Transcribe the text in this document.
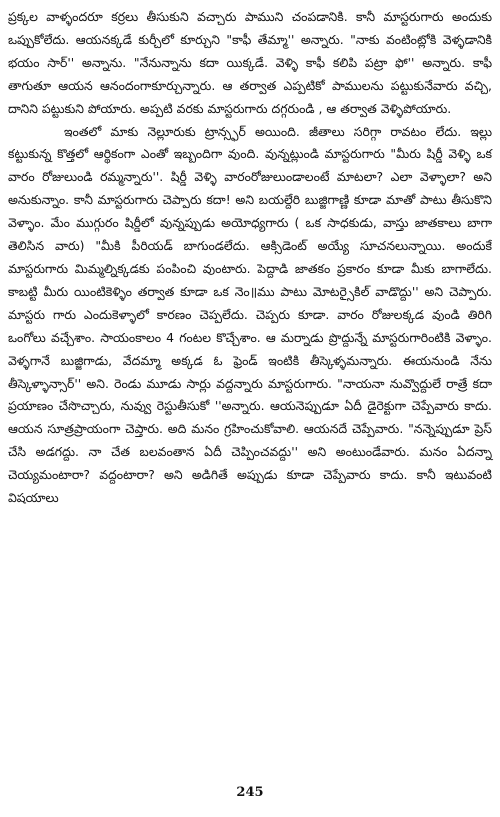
ప్రక్కల వాళ్ళందరూ కర్రలు తీసుకుని వచ్చారు పాముని చంపడానికి. కానీ మాస్టరుగారు అందుకు ఒప్పుకోలేదు. ఆయనక్కడే కుర్చీలో కూర్చుని "కాఫీ తేమ్మా'' అన్నారు. "నాకు వంటింట్లోకి వెళ్ళడానికి భయం సార్'' అన్నాను. "నేనున్నాను కదా యిక్కడే. వెళ్ళి కాఫీ కలిపి పట్రా ఫో'' అన్నారు. కాఫీ తాగుతూ ఆయన ఆనందంగాకూర్చున్నారు. ఆ తర్వాత ఎప్పటికో పాములను పట్టుకునేవారు వచ్చి, దానిని పట్టుకుని పోయారు. అప్పటి వరకు మాస్టరుగారు దగ్గరుండి , ఆ తర్వాత వెళ్ళిపోయారు.

ఇంతలో మాకు నెల్లూరుకు ట్రాన్స్ఫర్ అయింది. జీతాలు సరిగ్గా రావటం లేదు. ఇల్లు కట్టుకున్న కొత్తలో ఆర్థికంగా ఎంతో ఇబ్బందిగా వుంది. వున్నట్లుండి మాస్టరుగారు "మీరు షిర్డీ వెళ్ళి ఒక వారం రోజులుండి రమ్మన్నారు''. షిర్డీ వెళ్ళి వారంరోజులుండాలంటే మాటలా? ఎలా వెళ్ళాలా? అని అనుకున్నాం. కానీ మాస్టరుగారు చెప్పారు కదా! అని బయల్దేరి బుజ్జిగాణ్ణి కూడా మాతో పాటు తీసుకొని వెళ్ళాం. మేం ముగ్గురం షిర్డీలో వున్నప్పుడు అయోధ్యగారు ( ఒక సాధకుడు, వాస్తు జాతకాలు బాగా తెలిసిన వారు) "మీకి పీరియడ్ బాగుండలేదు. ఆక్సిడెంట్ అయ్యే సూచనలున్నాయి. అందుకే మాస్టరుగారు మిమ్మల్నిక్కడకు పంపించి వుంటారు. పెద్దాడి జాతకం ప్రకారం కూడా మీకు బాగాలేదు. కాబట్టి మీరు యింటికెళ్ళిం తర్వాత కూడా ఒక నెం॥ము పాటు మోటర్సైకిల్ వాడొద్దు'' అని చెప్పారు. మాస్టరు గారు ఎందుకెళ్ళాలో కారణం చెప్పలేదు. చెప్పరు కూడా. వారం రోజులక్కడ వుండి తిరిగి ఒంగోలు వచ్చేశాం. సాయంకాలం 4 గంటల కొచ్చేశాం. ఆ మర్నాడు ప్రొద్దున్నే మాస్టరుగారింటికి వెళ్ళాం. వెళ్ళగానే బుజ్జిగాడు, వేదమ్మా అక్కడ ఓ ఫ్రెండ్ ఇంటికి తీస్కెళ్ళమన్నారు. ఈయనుండి నేను తీస్కెళ్ళాన్సార్'' అని. రెండు మూడు సార్లు వద్దన్నారు మాస్టరుగారు. "నాయనా నువ్వొద్దులే రాత్రే కదా ప్రయాణం చేసొచ్చారు, నువ్వు రెస్టుతీసుకో ''అన్నారు. ఆయనెప్పుడూ ఏదీ డైరెక్టుగా చెప్పేవారు కాదు. ఆయన సూత్రప్రాయంగా చెప్తారు. అది మనం గ్రహించుకోవాలి. ఆయనదే చెప్పేవారు. "నన్నెప్పుడూ ప్రెస్ చేసి అడగద్దు. నా చేత బలవంతాన ఏదీ చెప్పించవద్దు'' అని అంటుండేవారు. మనం ఏదన్నా చెయ్యమంటారా? వద్దంటారా? అని అడిగితే అప్పుడు కూడా చెప్పేవారు కాదు. కానీ ఇటువంటి విషయాలు

245
